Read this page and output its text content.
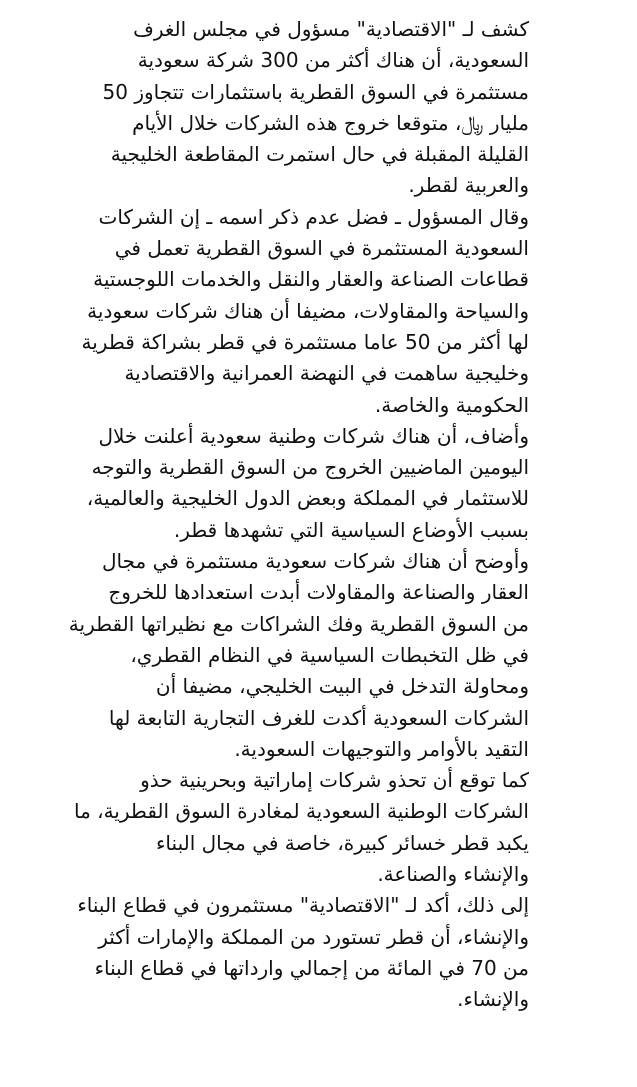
كشف لـ "الاقتصادية" مسؤول في مجلس الغرف
السعودية، أن هناك أكثر من 300 شركة سعودية
مستثمرة في السوق القطرية باستثمارات تتجاوز 50
مليار ﷼، متوقعا خروج هذه الشركات خلال الأيام
القليلة المقبلة في حال استمرت المقاطعة الخليجية
والعربية لقطر.
وقال المسؤول ـ فضل عدم ذكر اسمه ـ إن الشركات
السعودية المستثمرة في السوق القطرية تعمل في
قطاعات الصناعة والعقار والنقل والخدمات اللوجستية
والسياحة والمقاولات، مضيفا أن هناك شركات سعودية
لها أكثر من 50 عاما مستثمرة في قطر بشراكة قطرية
وخليجية ساهمت في النهضة العمرانية والاقتصادية
الحكومية والخاصة.
وأضاف، أن هناك شركات وطنية سعودية أعلنت خلال
اليومين الماضيين الخروج من السوق القطرية والتوجه
للاستثمار في المملكة وبعض الدول الخليجية والعالمية،
بسبب الأوضاع السياسية التي تشهدها قطر.
وأوضح أن هناك شركات سعودية مستثمرة في مجال
العقار والصناعة والمقاولات أبدت استعدادها للخروج
من السوق القطرية وفك الشراكات مع نظيراتها القطرية
في ظل التخبطات السياسية في النظام القطري،
ومحاولة التدخل في البيت الخليجي، مضيفا أن
الشركات السعودية أكدت للغرف التجارية التابعة لها
التقيد بالأوامر والتوجيهات السعودية.
كما توقع أن تحذو شركات إماراتية وبحرينية حذو
الشركات الوطنية السعودية لمغادرة السوق القطرية، ما
يكبد قطر خسائر كبيرة، خاصة في مجال البناء
والإنشاء والصناعة.
إلى ذلك، أكد لـ "الاقتصادية" مستثمرون في قطاع البناء
والإنشاء، أن قطر تستورد من المملكة والإمارات أكثر
من 70 في المائة من إجمالي وارداتها في قطاع البناء
والإنشاء.
